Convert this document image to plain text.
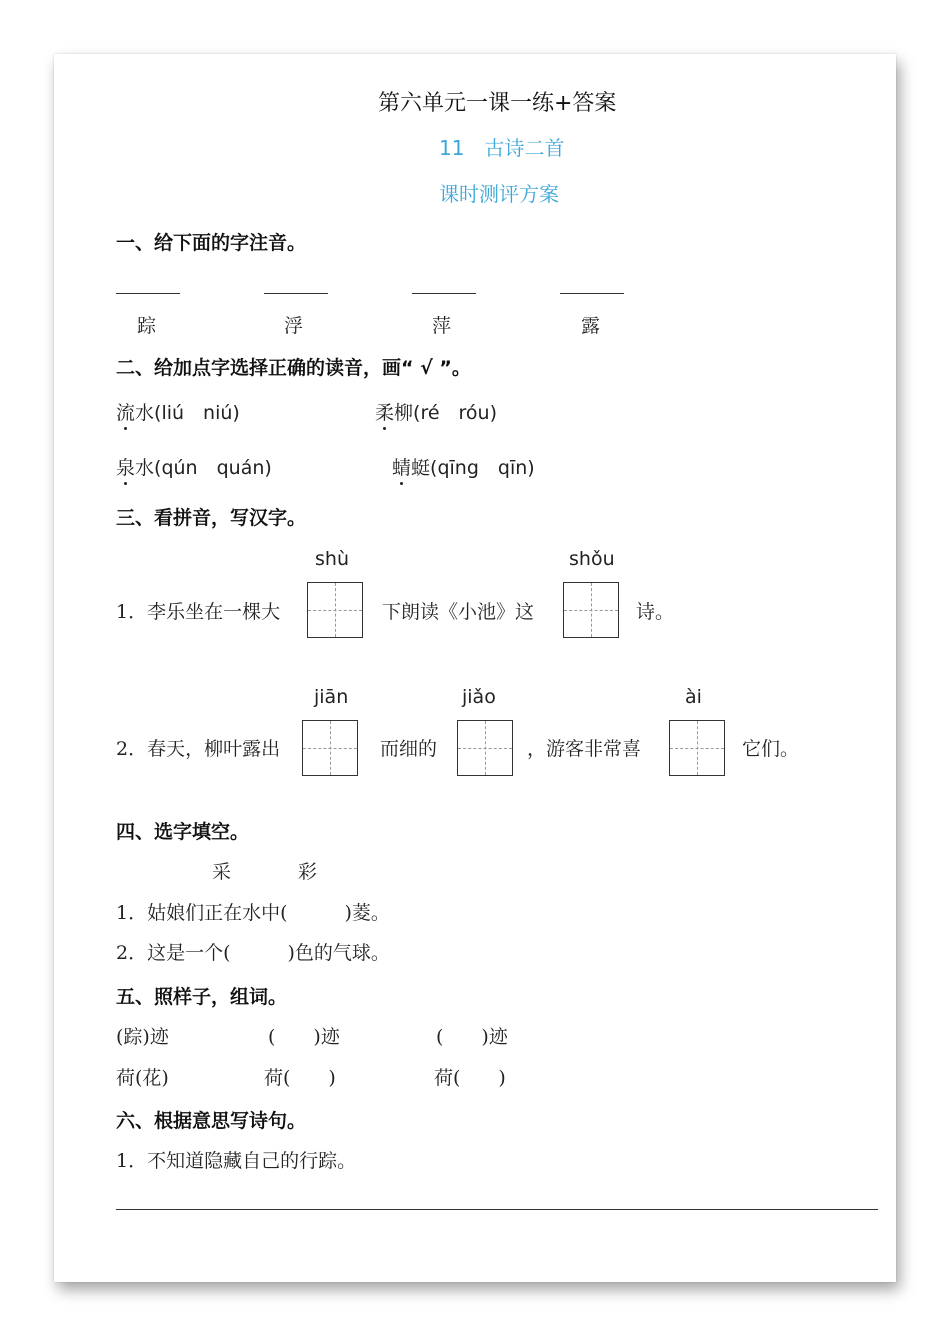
第六单元一课一练+答案
11　古诗二首
课时测评方案
一、给下面的字注音。
踪	浮	萍	露
二、给加点字选择正确的读音，画“ √ ”。
流水(liú　niú)	柔柳(ré　róu)
泉水(qún　quán)	蜻蜓(qīng　qīn)
三、看拼音，写汉字。
shù	shǒu
1．李乐坐在一棵大	下朗读《小池》这	诗。
jiān	jiǎo	ài
2．春天，柳叶露出	而细的	，游客非常喜	它们。
四、选字填空。
采	彩
1．姑娘们正在水中(　　　)菱。
2．这是一个(　　　)色的气球。
五、照样子，组词。
(踪)迹	(　　)迹	(　　)迹
荷(花)	荷(　　)	荷(　　)
六、根据意思写诗句。
1．不知道隐藏自己的行踪。
